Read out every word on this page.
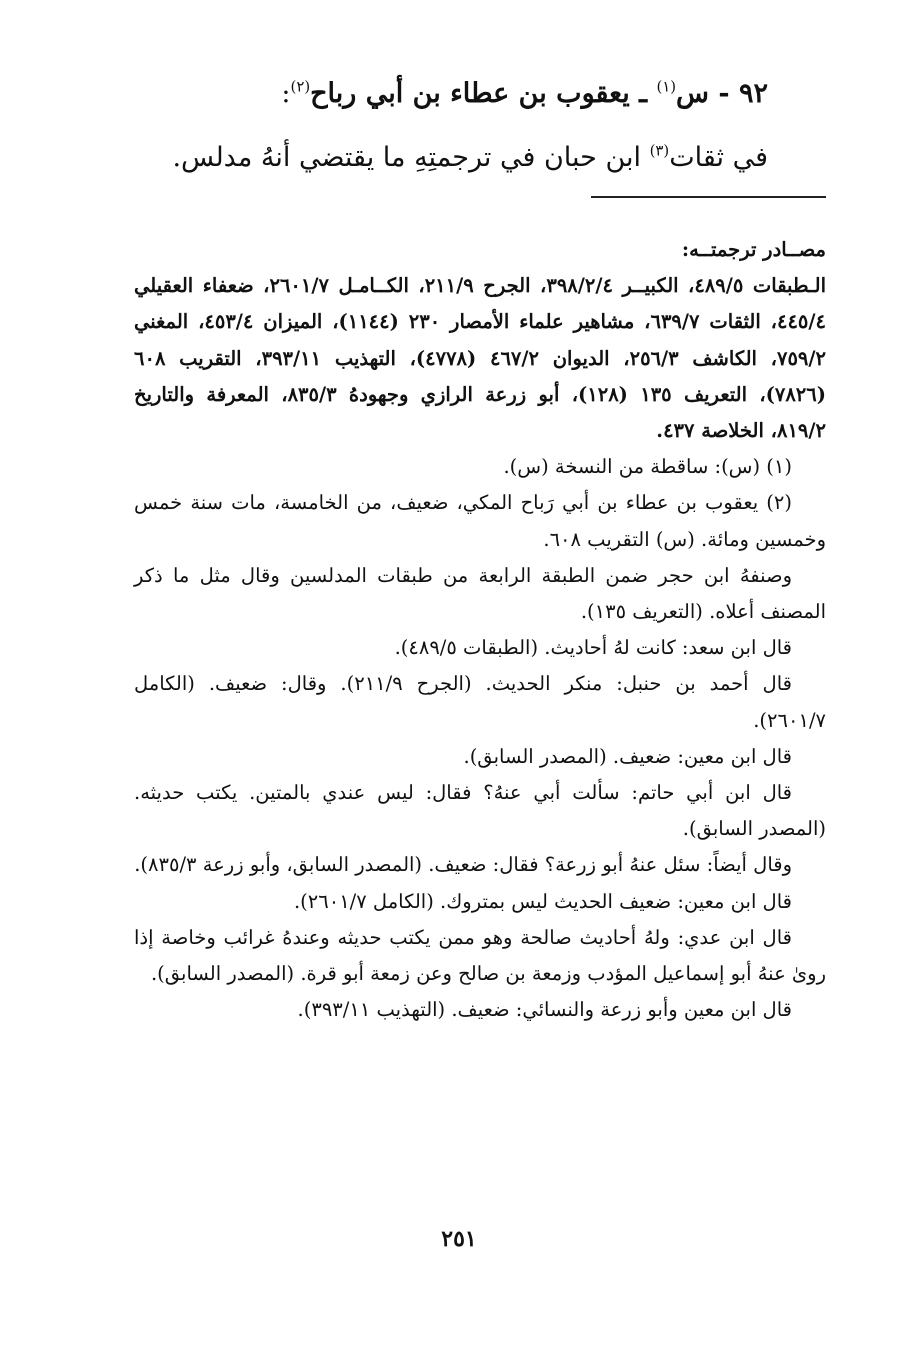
٩٢ - س$^{(١)}$ ـ يعقوب بن عطاء بن أبي رباح$^{(٢)}$:

في ثقات$^{(٣)}$ ابن حبان في ترجمتِهِ ما يقتضي أنهُ مدلس.

مصــادر ترجمتــه:

الـطبقات ٤٨٩/٥، الكبيــر ٣٩٨/٢/٤، الجرح ٢١١/٩، الكــامـل ٢٦٠١/٧، ضعفاء العقيلي ٤٤٥/٤، الثقات ٦٣٩/٧، مشاهير علماء الأمصار ٢٣٠ (١١٤٤)، الميزان ٤٥٣/٤، المغني ٧٥٩/٢، الكاشف ٢٥٦/٣، الديوان ٤٦٧/٢ (٤٧٧٨)، التهذيب ٣٩٣/١١، التقريب ٦٠٨ (٧٨٢٦)، التعريف ١٣٥ (١٢٨)، أبو زرعة الرازي وجهودهُ ٨٣٥/٣، المعرفة والتاريخ ٨١٩/٢، الخلاصة ٤٣٧.

(١) (س): ساقطة من النسخة (س).

(٢) يعقوب بن عطاء بن أبي رَباح المكي، ضعيف، من الخامسة، مات سنة خمس وخمسين ومائة. (س) التقريب ٦٠٨.

وصنفهُ ابن حجر ضمن الطبقة الرابعة من طبقات المدلسين وقال مثل ما ذكر المصنف أعلاه. (التعريف ١٣٥).

قال ابن سعد: كانت لهُ أحاديث. (الطبقات ٤٨٩/٥).

قال أحمد بن حنبل: منكر الحديث. (الجرح ٢١١/٩). وقال: ضعيف. (الكامل ٢٦٠١/٧).

قال ابن معين: ضعيف. (المصدر السابق).

قال ابن أبي حاتم: سألت أبي عنهُ؟ فقال: ليس عندي بالمتين. يكتب حديثه. (المصدر السابق).

وقال أيضاً: سئل عنهُ أبو زرعة؟ فقال: ضعيف. (المصدر السابق، وأبو زرعة ٨٣٥/٣).

قال ابن معين: ضعيف الحديث ليس بمتروك. (الكامل ٢٦٠١/٧).

قال ابن عدي: ولهُ أحاديث صالحة وهو ممن يكتب حديثه وعندهُ غرائب وخاصة إذا روىٰ عنهُ أبو إسماعيل المؤدب وزمعة بن صالح وعن زمعة أبو قرة. (المصدر السابق).

قال ابن معين وأبو زرعة والنسائي: ضعيف. (التهذيب ٣٩٣/١١).

٢٥١
